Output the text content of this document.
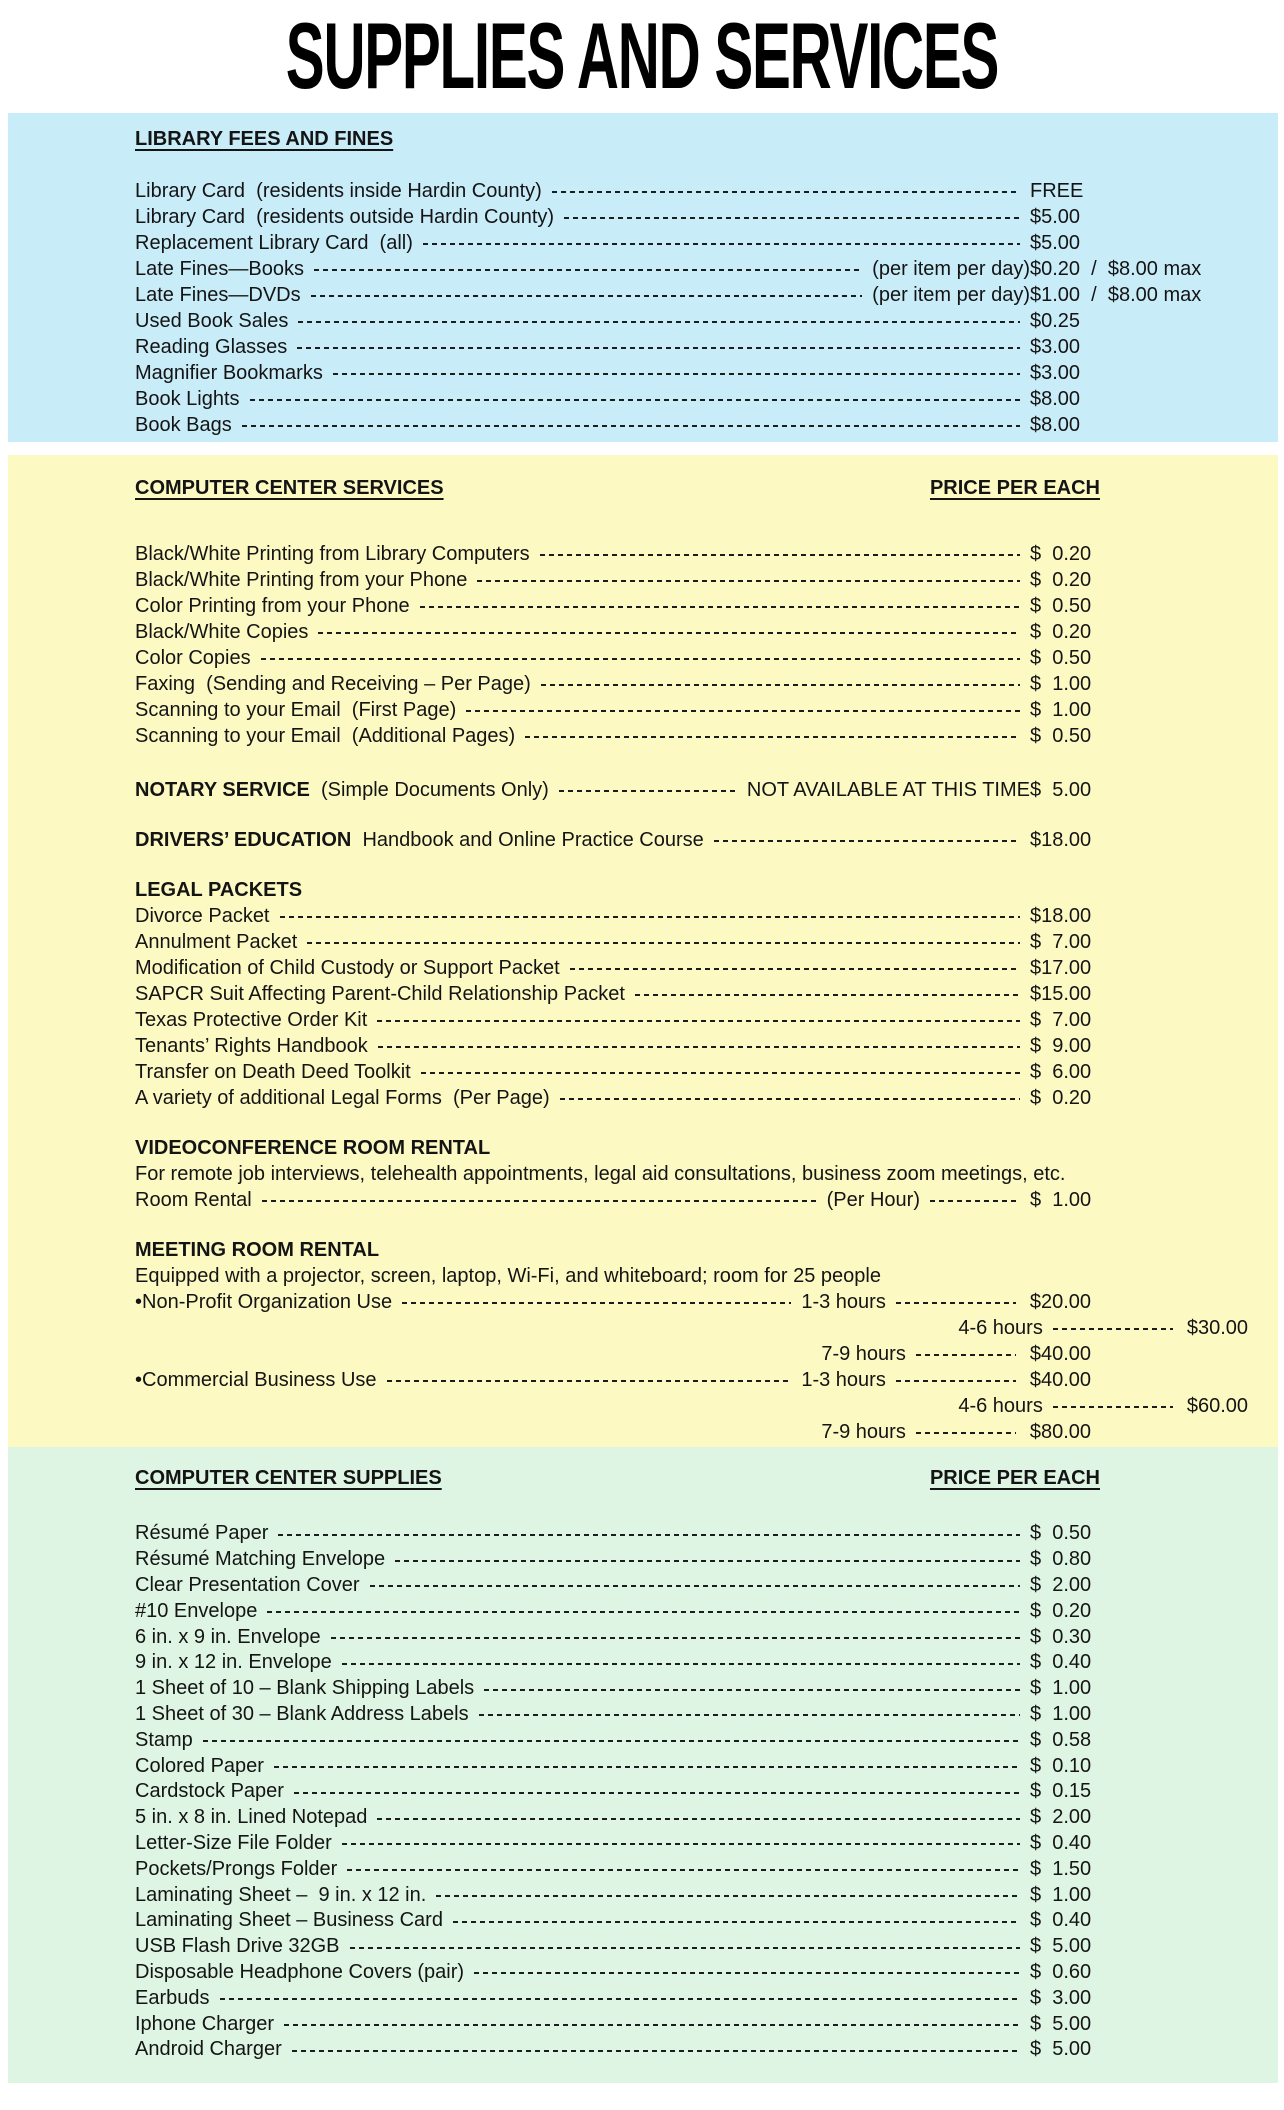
SUPPLIES AND SERVICES
LIBRARY FEES AND FINES
Library Card  (residents inside Hardin County)	FREE
Library Card  (residents outside Hardin County)	$5.00
Replacement Library Card  (all)	$5.00
Late Fines—Books	(per item per day) $0.20  /  $8.00 max
Late Fines—DVDs	(per item per day) $1.00  /  $8.00 max
Used Book Sales	$0.25
Reading Glasses	$3.00
Magnifier Bookmarks	$3.00
Book Lights	$8.00
Book Bags	$8.00
COMPUTER CENTER SERVICES	PRICE PER EACH
Black/White Printing from Library Computers	$  0.20
Black/White Printing from your Phone	$  0.20
Color Printing from your Phone	$  0.50
Black/White Copies	$  0.20
Color Copies	$  0.50
Faxing  (Sending and Receiving – Per Page)	$  1.00
Scanning to your Email  (First Page)	$  1.00
Scanning to your Email  (Additional Pages)	$  0.50
NOTARY SERVICE (Simple Documents Only)	NOT AVAILABLE AT THIS TIME $  5.00
DRIVERS’ EDUCATION Handbook and Online Practice Course	$18.00
LEGAL PACKETS
Divorce Packet	$18.00
Annulment Packet	$  7.00
Modification of Child Custody or Support Packet	$17.00
SAPCR Suit Affecting Parent-Child Relationship Packet	$15.00
Texas Protective Order Kit	$  7.00
Tenants’ Rights Handbook	$  9.00
Transfer on Death Deed Toolkit	$  6.00
A variety of additional Legal Forms  (Per Page)	$  0.20
VIDEOCONFERENCE ROOM RENTAL
For remote job interviews, telehealth appointments, legal aid consultations, business zoom meetings, etc.
Room Rental	(Per Hour)	$  1.00
MEETING ROOM RENTAL
Equipped with a projector, screen, laptop, Wi-Fi, and whiteboard; room for 25 people
•Non-Profit Organization Use	1-3 hours	$20.00
4-6 hours	$30.00
7-9 hours	$40.00
•Commercial Business Use	1-3 hours	$40.00
4-6 hours	$60.00
7-9 hours	$80.00
COMPUTER CENTER SUPPLIES	PRICE PER EACH
Résumé Paper	$  0.50
Résumé Matching Envelope	$  0.80
Clear Presentation Cover	$  2.00
#10 Envelope	$  0.20
6 in. x 9 in. Envelope	$  0.30
9 in. x 12 in. Envelope	$  0.40
1 Sheet of 10 – Blank Shipping Labels	$  1.00
1 Sheet of 30 – Blank Address Labels	$  1.00
Stamp	$  0.58
Colored Paper	$  0.10
Cardstock Paper	$  0.15
5 in. x 8 in. Lined Notepad	$  2.00
Letter-Size File Folder	$  0.40
Pockets/Prongs Folder	$  1.50
Laminating Sheet –  9 in. x 12 in.	$  1.00
Laminating Sheet – Business Card	$  0.40
USB Flash Drive 32GB	$  5.00
Disposable Headphone Covers (pair)	$  0.60
Earbuds	$  3.00
Iphone Charger	$  5.00
Android Charger	$  5.00
